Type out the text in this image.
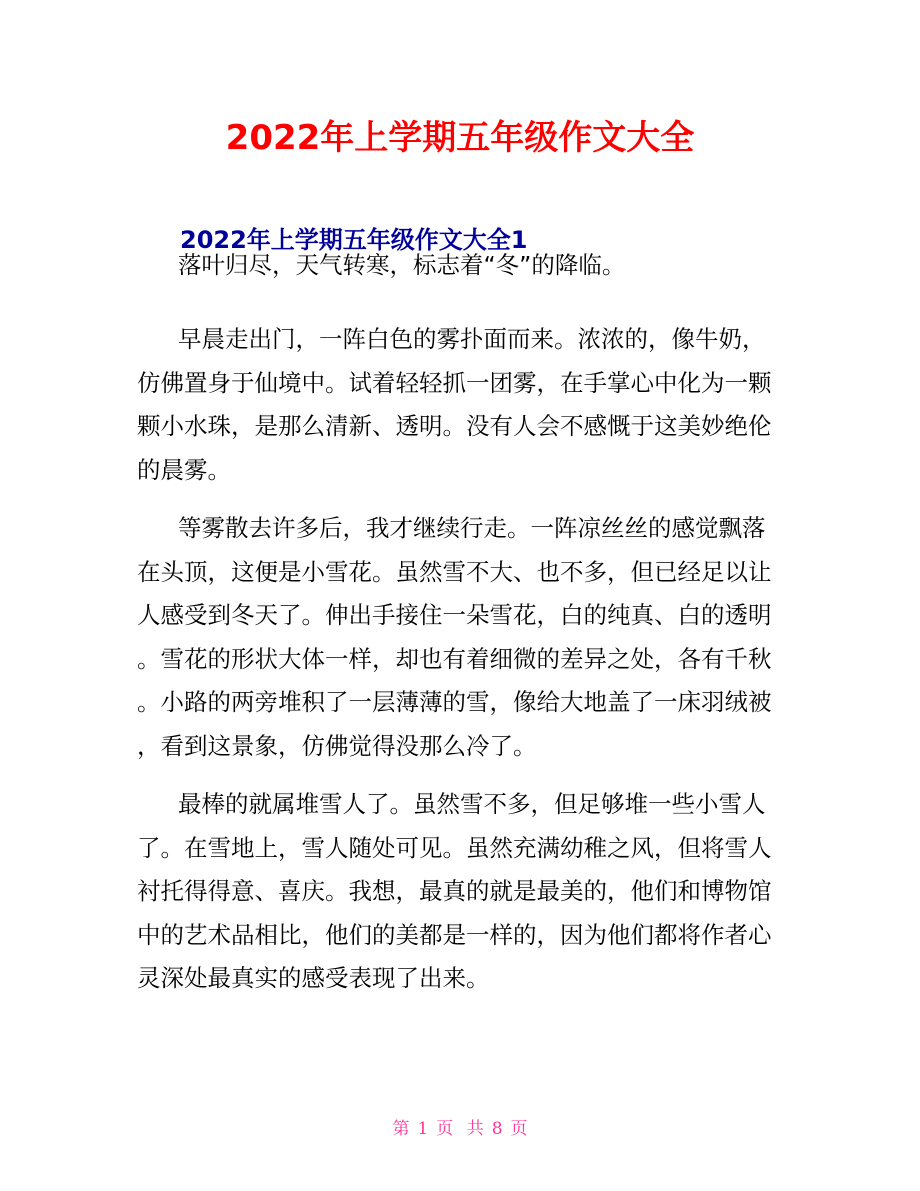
2022年上学期五年级作文大全
2022年上学期五年级作文大全1
落叶归尽，天气转寒，标志着“冬”的降临。
早晨走出门，一阵白色的雾扑面而来。浓浓的，像牛奶，
仿佛置身于仙境中。试着轻轻抓一团雾，在手掌心中化为一颗
颗小水珠，是那么清新、透明。没有人会不感慨于这美妙绝伦
的晨雾。
等雾散去许多后，我才继续行走。一阵凉丝丝的感觉飘落
在头顶，这便是小雪花。虽然雪不大、也不多，但已经足以让
人感受到冬天了。伸出手接住一朵雪花，白的纯真、白的透明
。雪花的形状大体一样，却也有着细微的差异之处，各有千秋
。小路的两旁堆积了一层薄薄的雪，像给大地盖了一床羽绒被
，看到这景象，仿佛觉得没那么冷了。
最棒的就属堆雪人了。虽然雪不多，但足够堆一些小雪人
了。在雪地上，雪人随处可见。虽然充满幼稚之风，但将雪人
衬托得得意、喜庆。我想，最真的就是最美的，他们和博物馆
中的艺术品相比，他们的美都是一样的，因为他们都将作者心
灵深处最真实的感受表现了出来。
第 1 页 共 8 页
